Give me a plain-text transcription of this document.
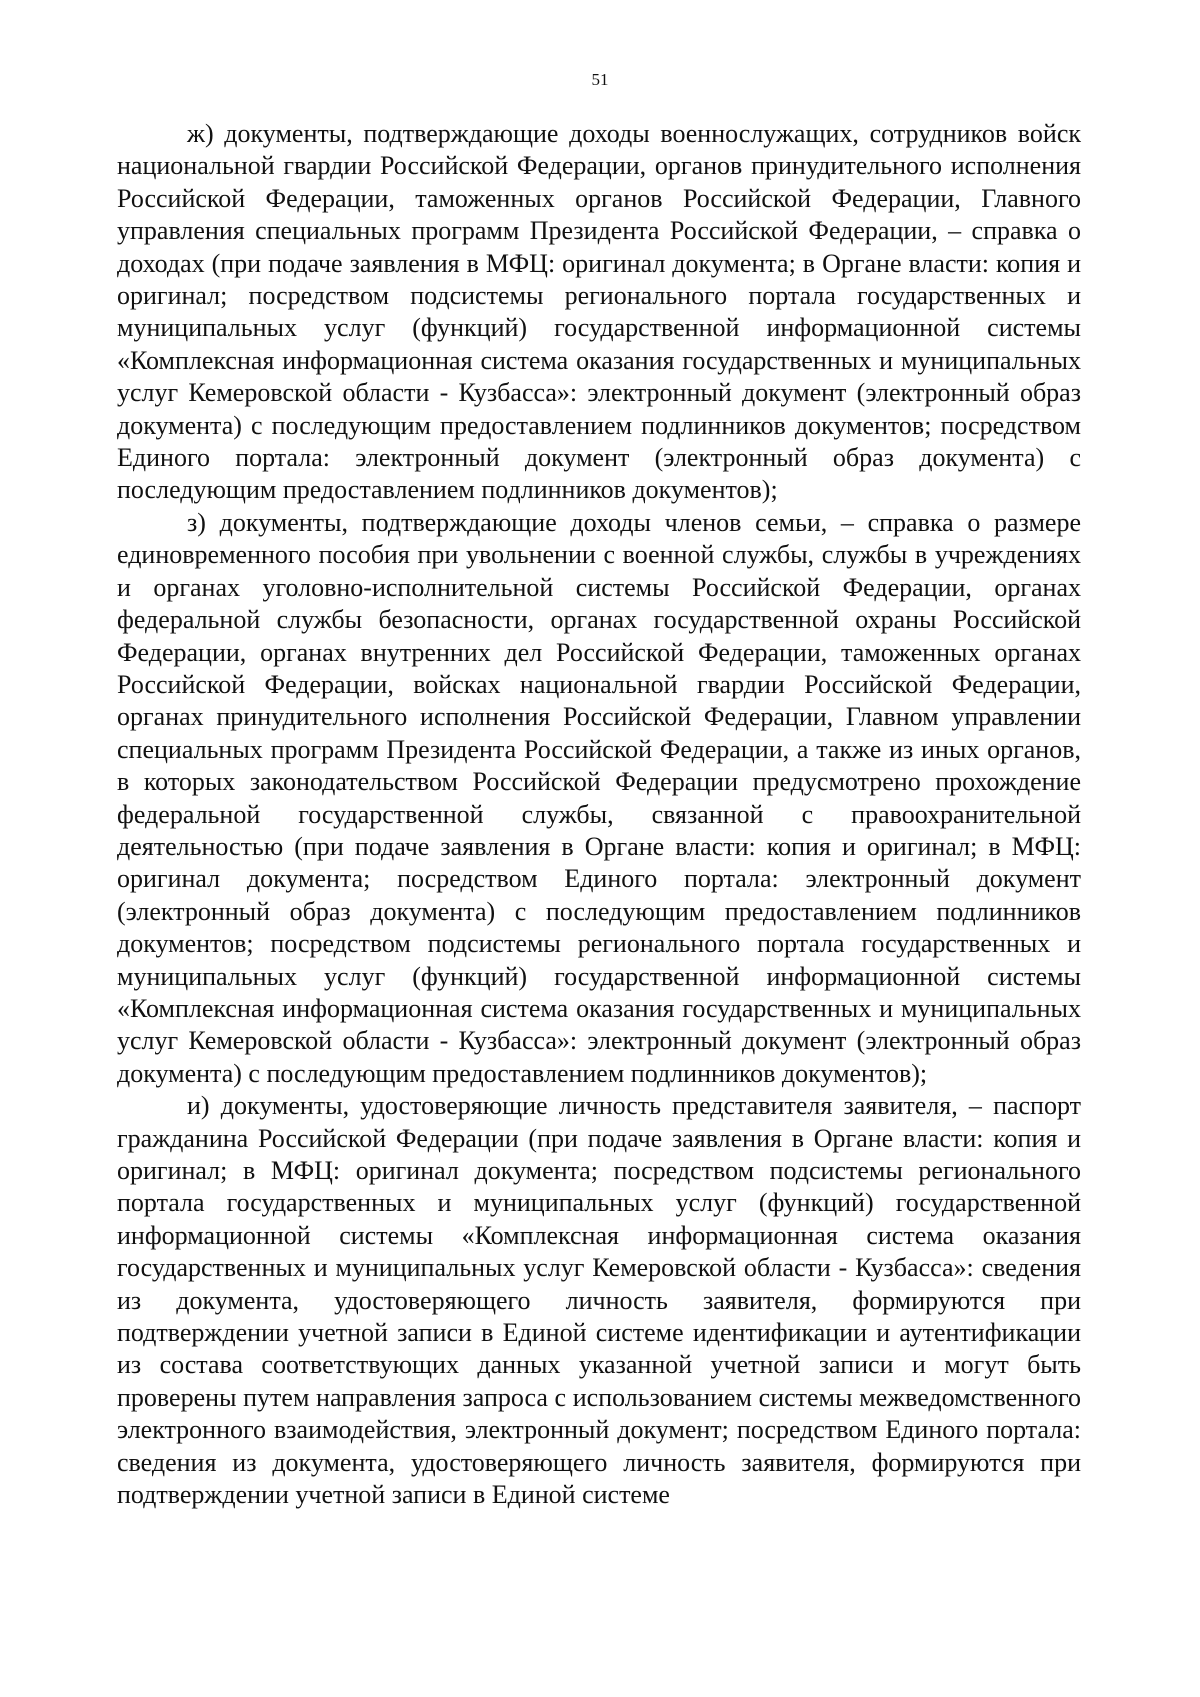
51

ж) документы, подтверждающие доходы военнослужащих, сотрудников войск национальной гвардии Российской Федерации, органов принудительного исполнения Российской Федерации, таможенных органов Российской Федерации, Главного управления специальных программ Президента Российской Федерации, – справка о доходах (при подаче заявления в МФЦ: оригинал документа; в Органе власти: копия и оригинал; посредством подсистемы регионального портала государственных и муниципальных услуг (функций) государственной информационной системы «Комплексная информационная система оказания государственных и муниципальных услуг Кемеровской области - Кузбасса»: электронный документ (электронный образ документа) с последующим предоставлением подлинников документов; посредством Единого портала: электронный документ (электронный образ документа) с последующим предоставлением подлинников документов);

з) документы, подтверждающие доходы членов семьи, – справка о размере единовременного пособия при увольнении с военной службы, службы в учреждениях и органах уголовно-исполнительной системы Российской Федерации, органах федеральной службы безопасности, органах государственной охраны Российской Федерации, органах внутренних дел Российской Федерации, таможенных органах Российской Федерации, войсках национальной гвардии Российской Федерации, органах принудительного исполнения Российской Федерации, Главном управлении специальных программ Президента Российской Федерации, а также из иных органов, в которых законодательством Российской Федерации предусмотрено прохождение федеральной государственной службы, связанной с правоохранительной деятельностью (при подаче заявления в Органе власти: копия и оригинал; в МФЦ: оригинал документа; посредством Единого портала: электронный документ (электронный образ документа) с последующим предоставлением подлинников документов; посредством подсистемы регионального портала государственных и муниципальных услуг (функций) государственной информационной системы «Комплексная информационная система оказания государственных и муниципальных услуг Кемеровской области - Кузбасса»: электронный документ (электронный образ документа) с последующим предоставлением подлинников документов);

и) документы, удостоверяющие личность представителя заявителя, – паспорт гражданина Российской Федерации (при подаче заявления в Органе власти: копия и оригинал; в МФЦ: оригинал документа; посредством подсистемы регионального портала государственных и муниципальных услуг (функций) государственной информационной системы «Комплексная информационная система оказания государственных и муниципальных услуг Кемеровской области - Кузбасса»: сведения из документа, удостоверяющего личность заявителя, формируются при подтверждении учетной записи в Единой системе идентификации и аутентификации из состава соответствующих данных указанной учетной записи и могут быть проверены путем направления запроса с использованием системы межведомственного электронного взаимодействия, электронный документ; посредством Единого портала: сведения из документа, удостоверяющего личность заявителя, формируются при подтверждении учетной записи в Единой системе
